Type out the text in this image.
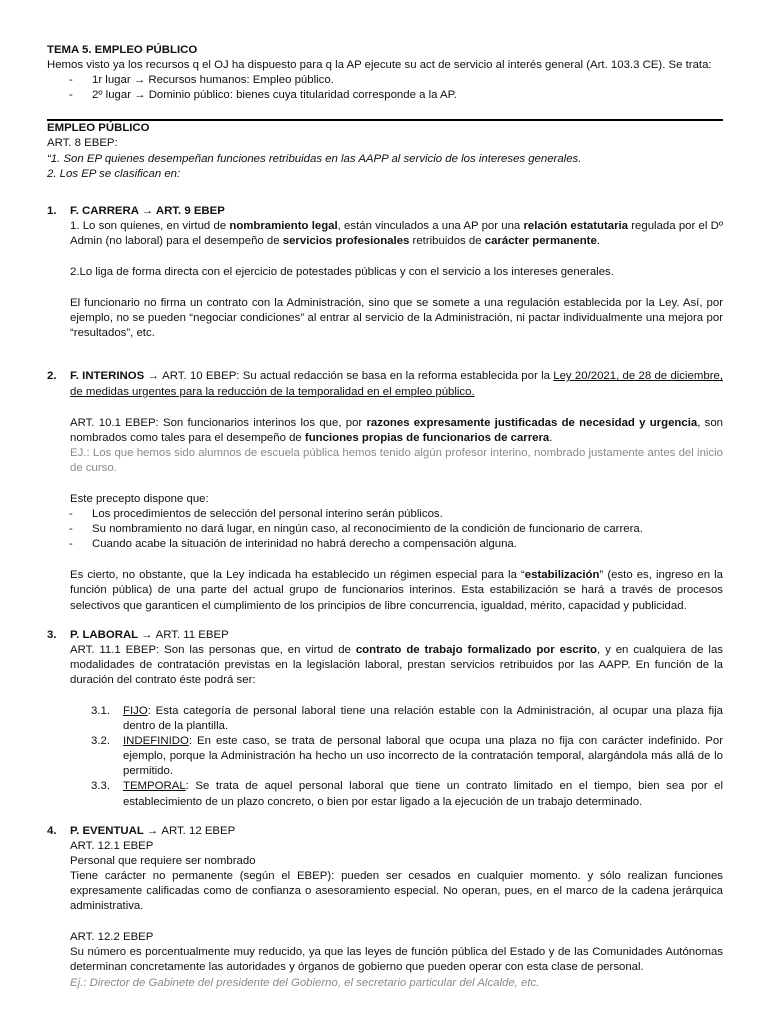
TEMA 5. EMPLEO PÚBLICO

Hemos visto ya los recursos q el OJ ha dispuesto para q la AP ejecute su act de servicio al interés general (Art. 103.3 CE). Se trata:

- 1r lugar → Recursos humanos: Empleo público.

- 2º lugar → Dominio público: bienes cuya titularidad corresponde a la AP.

EMPLEO PÚBLICO

ART. 8 EBEP:

“1. Son EP quienes desempeñan funciones retribuidas en las AAPP al servicio de los intereses generales.

2. Los EP se clasifican en:

1. F. CARRERA → ART. 9 EBEP

1. Lo son quienes, en virtud de nombramiento legal, están vinculados a una AP por una relación estatutaria regulada por el Dº Admin (no laboral) para el desempeño de servicios profesionales retribuidos de carácter permanente.

2.Lo liga de forma directa con el ejercicio de potestades públicas y con el servicio a los intereses generales.

El funcionario no firma un contrato con la Administración, sino que se somete a una regulación establecida por la Ley. Así, por ejemplo, no se pueden “negociar condiciones” al entrar al servicio de la Administración, ni pactar individualmente una mejora por “resultados”, etc.

2. F. INTERINOS → ART. 10 EBEP: Su actual redacción se basa en la reforma establecida por la Ley 20/2021, de 28 de diciembre, de medidas urgentes para la reducción de la temporalidad en el empleo público.

ART. 10.1 EBEP: Son funcionarios interinos los que, por razones expresamente justificadas de necesidad y urgencia, son nombrados como tales para el desempeño de funciones propias de funcionarios de carrera.

EJ.: Los que hemos sido alumnos de escuela pública hemos tenido algún profesor interino, nombrado justamente antes del inicio de curso.

Este precepto dispone que:

- Los procedimientos de selección del personal interino serán públicos.

- Su nombramiento no dará lugar, en ningún caso, al reconocimiento de la condición de funcionario de carrera.

- Cuando acabe la situación de interinidad no habrá derecho a compensación alguna.

Es cierto, no obstante, que la Ley indicada ha establecido un régimen especial para la “estabilización” (esto es, ingreso en la función pública) de una parte del actual grupo de funcionarios interinos. Esta estabilización se hará a través de procesos selectivos que garanticen el cumplimiento de los principios de libre concurrencia, igualdad, mérito, capacidad y publicidad.

3. P. LABORAL → ART. 11 EBEP

ART. 11.1 EBEP: Son las personas que, en virtud de contrato de trabajo formalizado por escrito, y en cualquiera de las modalidades de contratación previstas en la legislación laboral, prestan servicios retribuidos por las AAPP. En función de la duración del contrato éste podrá ser:

3.1. FIJO: Esta categoría de personal laboral tiene una relación estable con la Administración, al ocupar una plaza fija dentro de la plantilla.

3.2. INDEFINIDO: En este caso, se trata de personal laboral que ocupa una plaza no fija con carácter indefinido. Por ejemplo, porque la Administración ha hecho un uso incorrecto de la contratación temporal, alargándola más allá de lo permitido.

3.3. TEMPORAL: Se trata de aquel personal laboral que tiene un contrato limitado en el tiempo, bien sea por el establecimiento de un plazo concreto, o bien por estar ligado a la ejecución de un trabajo determinado.

4. P. EVENTUAL → ART. 12 EBEP

ART. 12.1 EBEP

Personal que requiere ser nombrado

Tiene carácter no permanente (según el EBEP): pueden ser cesados en cualquier momento. y sólo realizan funciones expresamente calificadas como de confianza o asesoramiento especial. No operan, pues, en el marco de la cadena jerárquica administrativa.

ART. 12.2 EBEP

Su número es porcentualmente muy reducido, ya que las leyes de función pública del Estado y de las Comunidades Autónomas determinan concretamente las autoridades y órganos de gobierno que pueden operar con esta clase de personal.

Ej.: Director de Gabinete del presidente del Gobierno, el secretario particular del Alcalde, etc.
